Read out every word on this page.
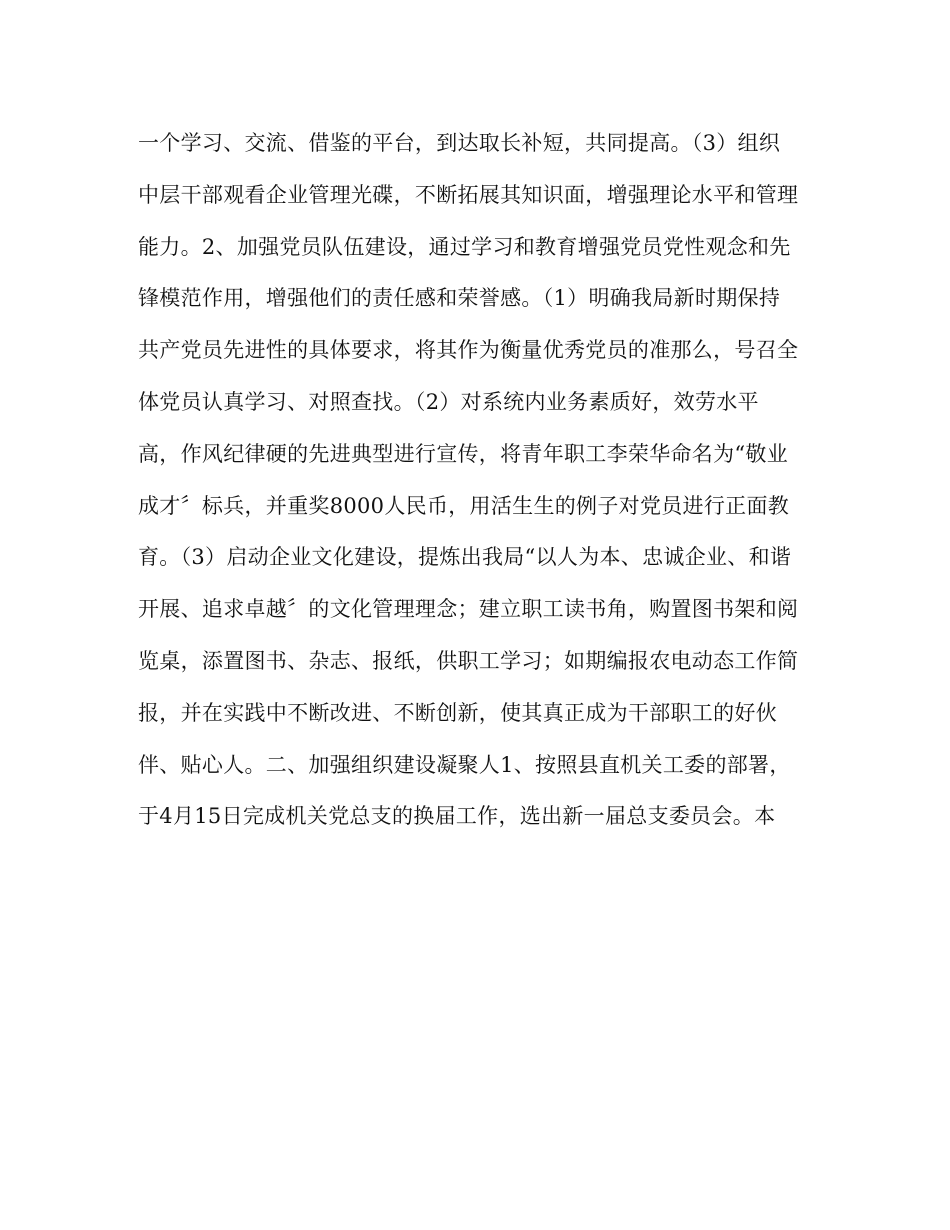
一个学习、交流、借鉴的平台，到达取长补短，共同提高。（3）组织
中层干部观看企业管理光碟，不断拓展其知识面，增强理论水平和管理
能力。2、加强党员队伍建设，通过学习和教育增强党员党性观念和先
锋模范作用，增强他们的责任感和荣誉感。（1）明确我局新时期保持
共产党员先进性的具体要求，将其作为衡量优秀党员的准那么，号召全
体党员认真学习、对照查找。（2）对系统内业务素质好，效劳水平
高，作风纪律硬的先进典型进行宣传，将青年职工李荣华命名为“敬业
成才〞标兵，并重奖8000人民币，用活生生的例子对党员进行正面教
育。（3）启动企业文化建设，提炼出我局“以人为本、忠诚企业、和谐
开展、追求卓越〞的文化管理理念；建立职工读书角，购置图书架和阅
览桌，添置图书、杂志、报纸，供职工学习；如期编报农电动态工作简
报，并在实践中不断改进、不断创新，使其真正成为干部职工的好伙
伴、贴心人。二、加强组织建设凝聚人1、按照县直机关工委的部署，
于4月15日完成机关党总支的换届工作，选出新一届总支委员会。本
